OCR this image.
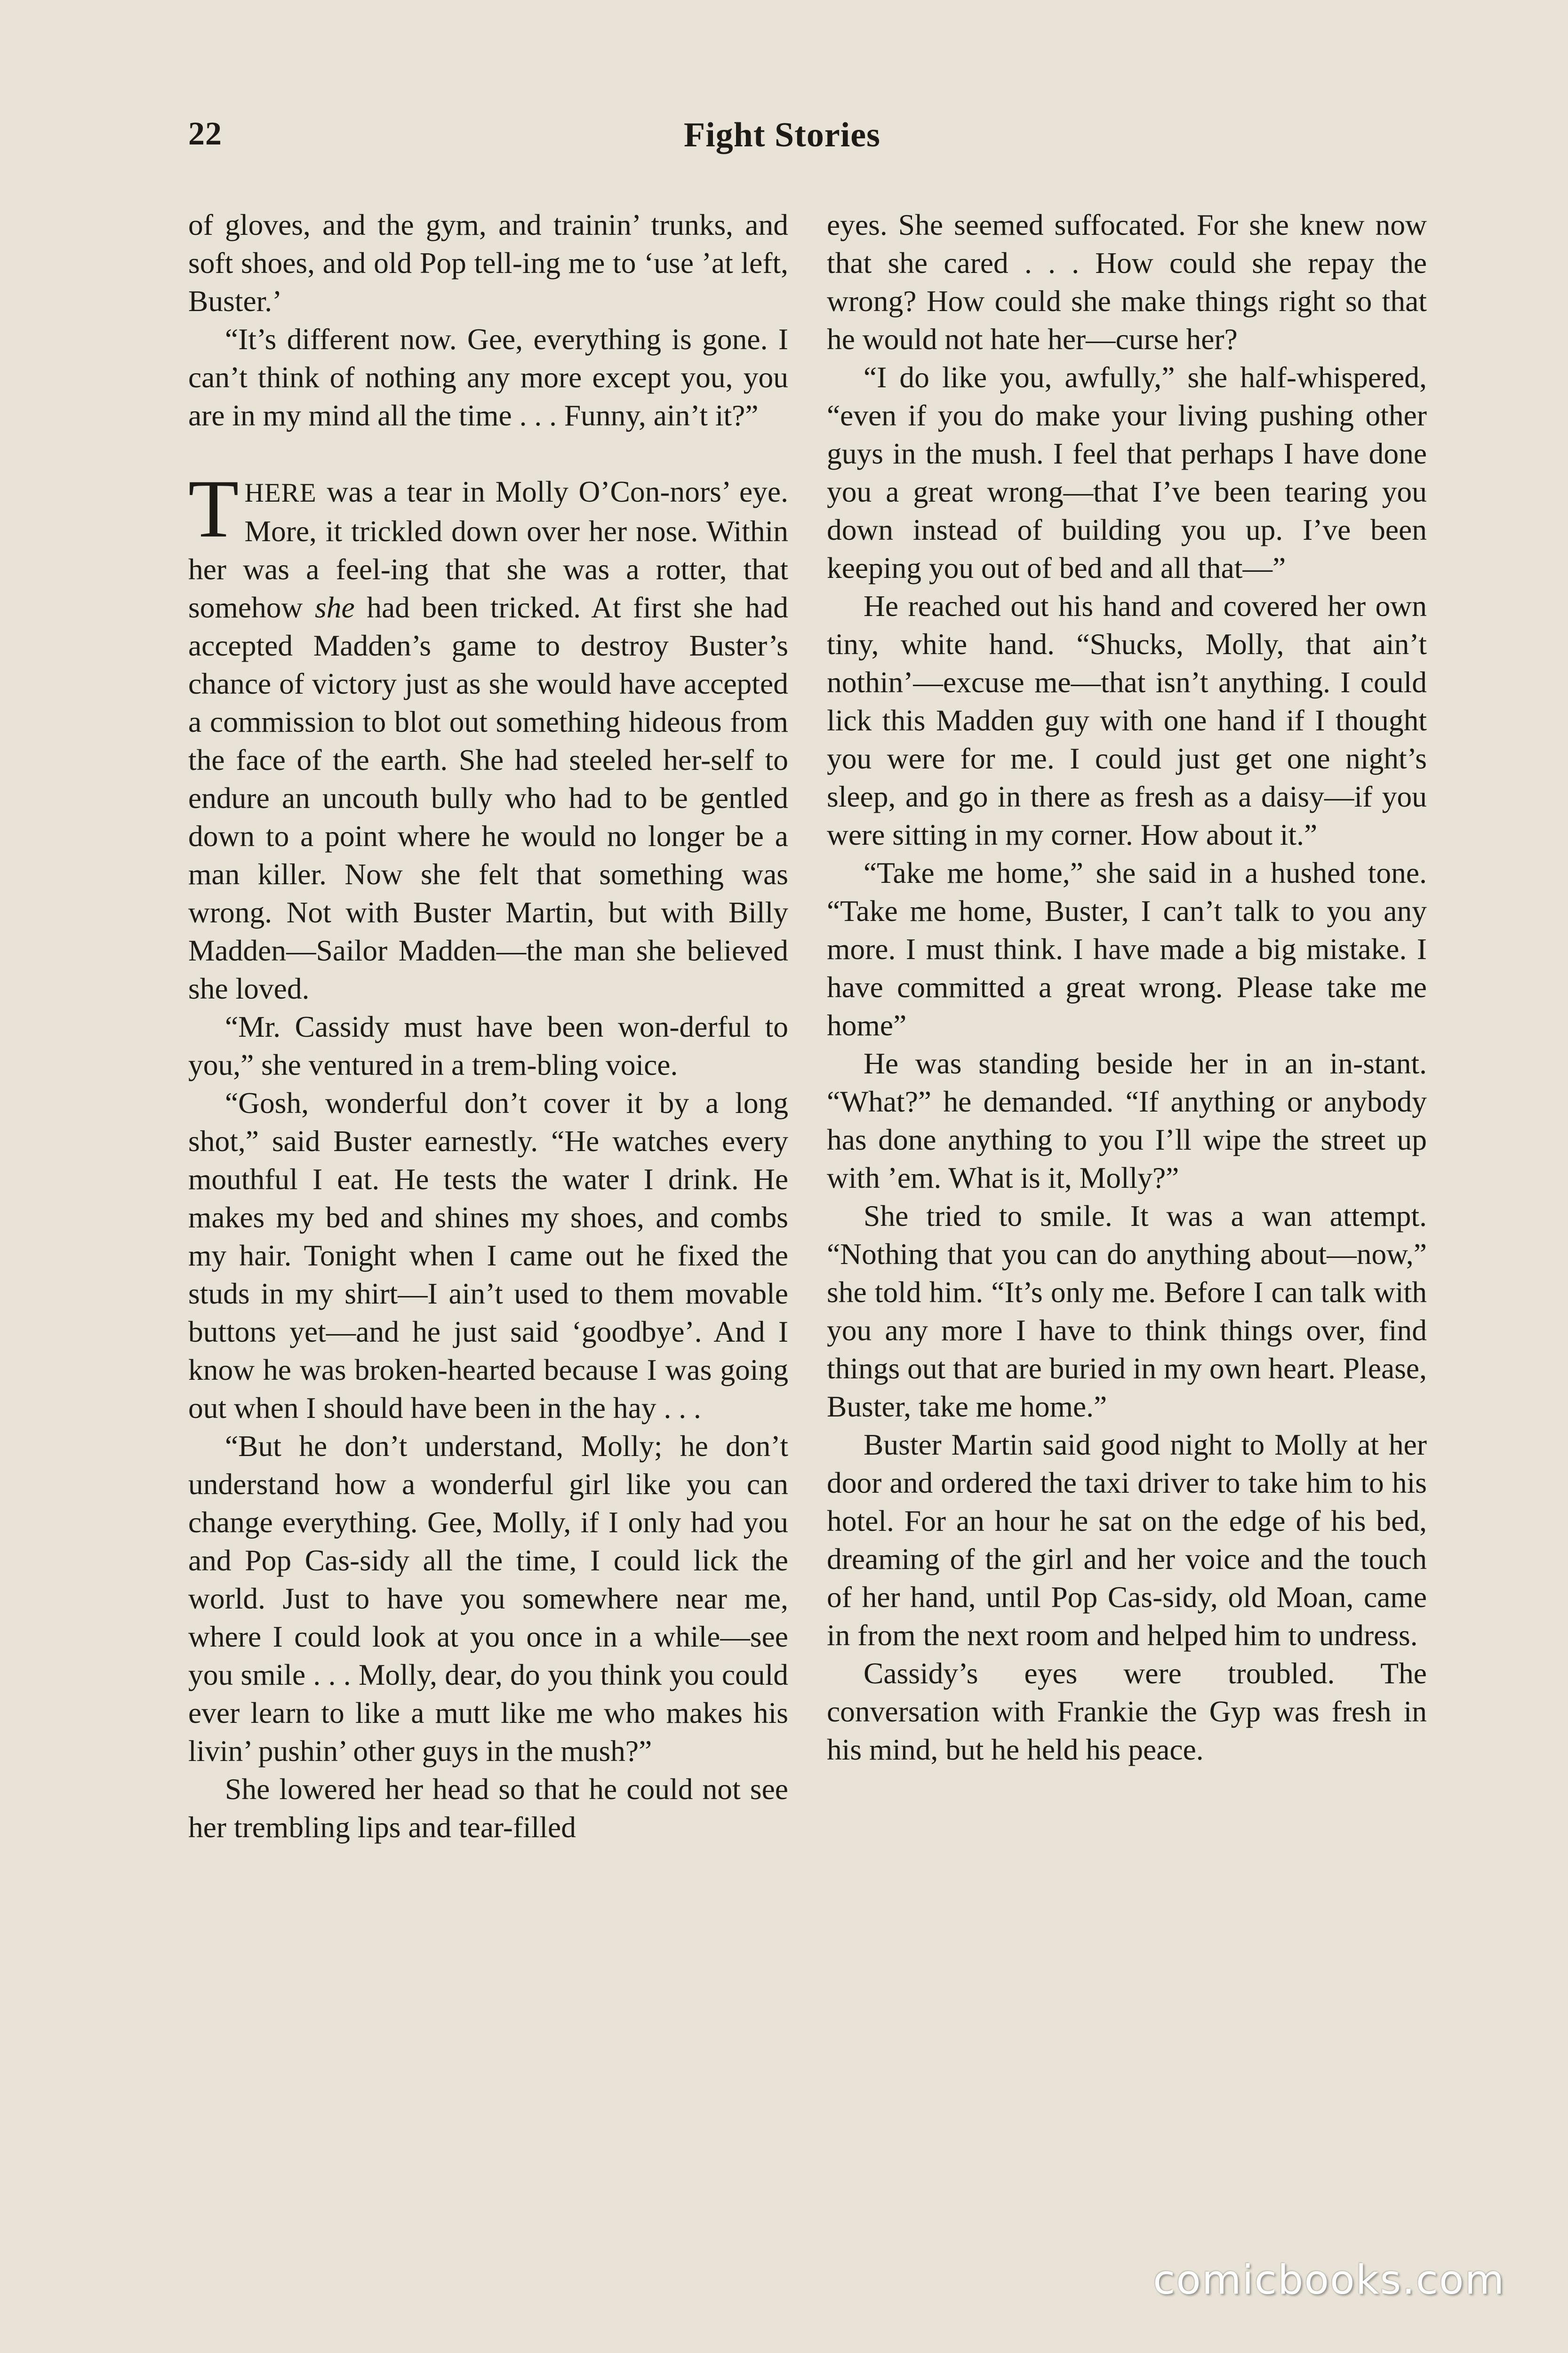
22	Fight Stories

of gloves, and the gym, and trainin’ trunks, and soft shoes, and old Pop tell-ing me to ‘use ’at left, Buster.’

“It’s different now. Gee, everything is gone. I can’t think of nothing any more except you, you are in my mind all the time . . . Funny, ain’t it?”

THERE was a tear in Molly O’Con-nors’ eye. More, it trickled down over her nose. Within her was a feel-ing that she was a rotter, that somehow she had been tricked. At first she had accepted Madden’s game to destroy Buster’s chance of victory just as she would have accepted a commission to blot out something hideous from the face of the earth. She had steeled her-self to endure an uncouth bully who had to be gentled down to a point where he would no longer be a man killer. Now she felt that something was wrong. Not with Buster Martin, but with Billy Madden—Sailor Madden—the man she believed she loved.

“Mr. Cassidy must have been won-derful to you,” she ventured in a trem-bling voice.

“Gosh, wonderful don’t cover it by a long shot,” said Buster earnestly. “He watches every mouthful I eat. He tests the water I drink. He makes my bed and shines my shoes, and combs my hair. Tonight when I came out he fixed the studs in my shirt—I ain’t used to them movable buttons yet—and he just said ‘goodbye’. And I know he was broken-hearted because I was going out when I should have been in the hay . . .

“But he don’t understand, Molly; he don’t understand how a wonderful girl like you can change everything. Gee, Molly, if I only had you and Pop Cas-sidy all the time, I could lick the world. Just to have you somewhere near me, where I could look at you once in a while—see you smile . . . Molly, dear, do you think you could ever learn to like a mutt like me who makes his livin’ pushin’ other guys in the mush?”

She lowered her head so that he could not see her trembling lips and tear-filled

eyes. She seemed suffocated. For she knew now that she cared . . . How could she repay the wrong? How could she make things right so that he would not hate her—curse her?

“I do like you, awfully,” she half-whispered, “even if you do make your living pushing other guys in the mush. I feel that perhaps I have done you a great wrong—that I’ve been tearing you down instead of building you up. I’ve been keeping you out of bed and all that—”

He reached out his hand and covered her own tiny, white hand. “Shucks, Molly, that ain’t nothin’—excuse me—that isn’t anything. I could lick this Madden guy with one hand if I thought you were for me. I could just get one night’s sleep, and go in there as fresh as a daisy—if you were sitting in my corner. How about it.”

“Take me home,” she said in a hushed tone. “Take me home, Buster, I can’t talk to you any more. I must think. I have made a big mistake. I have committed a great wrong. Please take me home”

He was standing beside her in an in-stant. “What?” he demanded. “If anything or anybody has done anything to you I’ll wipe the street up with ’em. What is it, Molly?”

She tried to smile. It was a wan attempt. “Nothing that you can do anything about—now,” she told him. “It’s only me. Before I can talk with you any more I have to think things over, find things out that are buried in my own heart. Please, Buster, take me home.”

Buster Martin said good night to Molly at her door and ordered the taxi driver to take him to his hotel. For an hour he sat on the edge of his bed, dreaming of the girl and her voice and the touch of her hand, until Pop Cas-sidy, old Moan, came in from the next room and helped him to undress.

Cassidy’s eyes were troubled. The conversation with Frankie the Gyp was fresh in his mind, but he held his peace.

comicbooks.com
